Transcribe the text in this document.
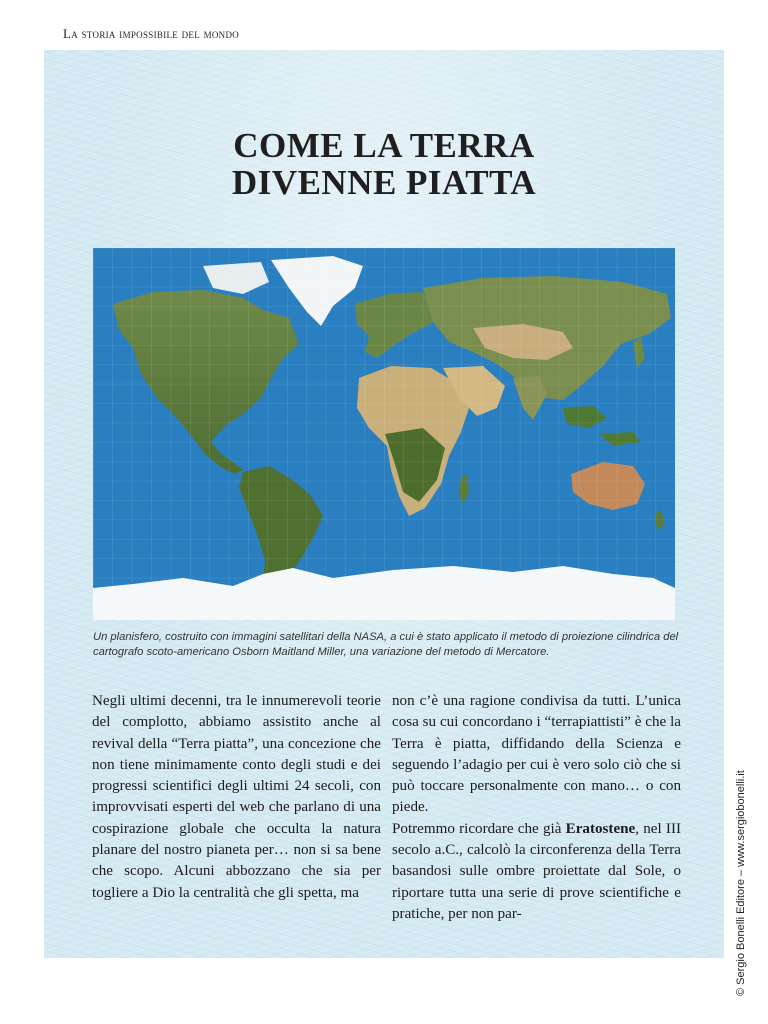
La storia impossibile del mondo
COME LA TERRA
DIVENNE PIATTA
Un planisfero, costruito con immagini satellitari della NASA, a cui è stato applicato il metodo di proiezione cilindrica del cartografo scoto-americano Osborn Maitland Miller, una variazione del metodo di Mercatore.

Negli ultimi decenni, tra le innumerevoli teorie del complotto, abbiamo assistito anche al revival della “Terra piatta”, una concezione che non tiene minimamente conto degli studi e dei progressi scientifici degli ultimi 24 secoli, con improvvisati esperti del web che parlano di una cospirazione globale che occulta la natura planare del nostro pianeta per… non si sa bene che scopo. Alcuni abbozzano che sia per togliere a Dio la centralità che gli spetta, ma

non c’è una ragione condivisa da tutti. L’unica cosa su cui concordano i “terrapiattisti” è che la Terra è piatta, diffidando della Scienza e seguendo l’adagio per cui è vero solo ciò che si può toccare personalmente con mano… o con piede.

Potremmo ricordare che già Eratostene, nel III secolo a.C., calcolò la circonferenza della Terra basandosi sulle ombre proiettate dal Sole, o riportare tutta una serie di prove scientifiche e pratiche, per non par-	© Sergio Bonelli Editore – www.sergiobonelli.it
